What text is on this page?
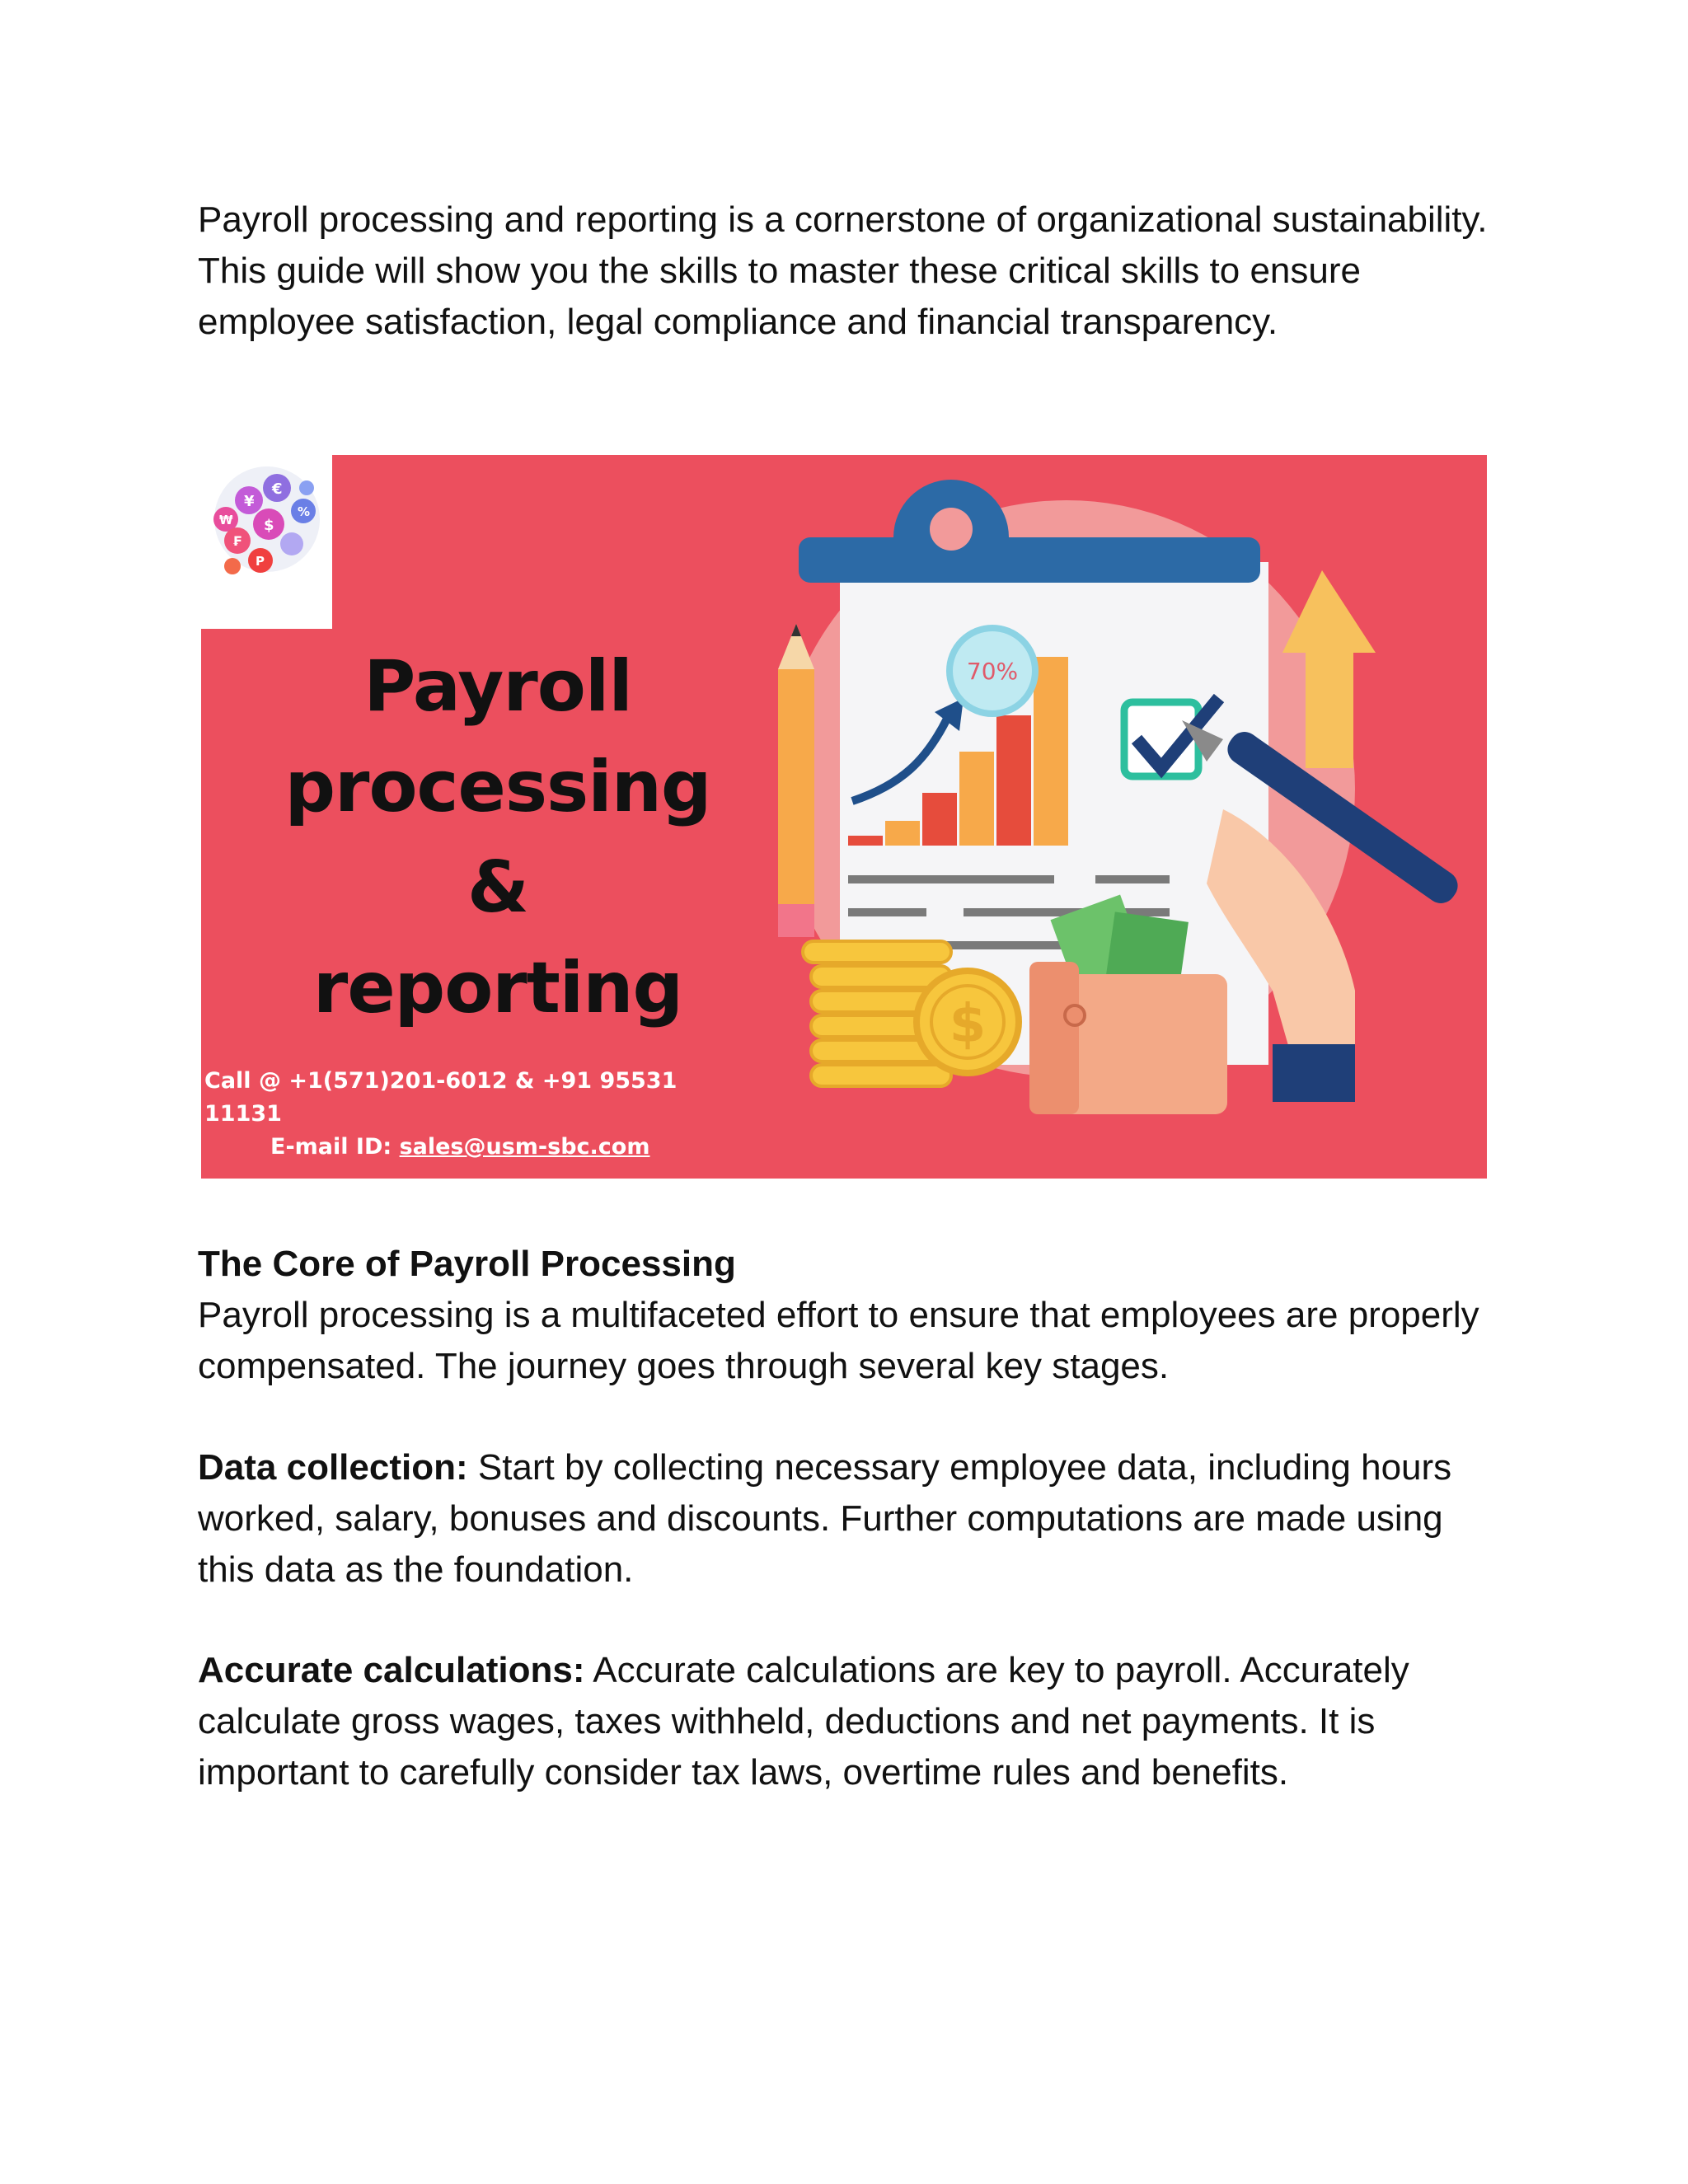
Payroll processing and reporting is a cornerstone of organizational sustainability. This guide will show you the skills to master these critical skills to ensure employee satisfaction, legal compliance and financial transparency.

¥
€
$
%
₩
₣
P
Payroll
processing &
reporting
Call @ +1(571)201-6012 & +91 95531 11131
E-mail ID: sales@usm-sbc.com
70%
$

The Core of Payroll Processing
Payroll processing is a multifaceted effort to ensure that employees are properly compensated. The journey goes through several key stages.

Data collection: Start by collecting necessary employee data, including hours worked, salary, bonuses and discounts. Further computations are made using this data as the foundation.

Accurate calculations: Accurate calculations are key to payroll. Accurately calculate gross wages, taxes withheld, deductions and net payments. It is important to carefully consider tax laws, overtime rules and benefits.
